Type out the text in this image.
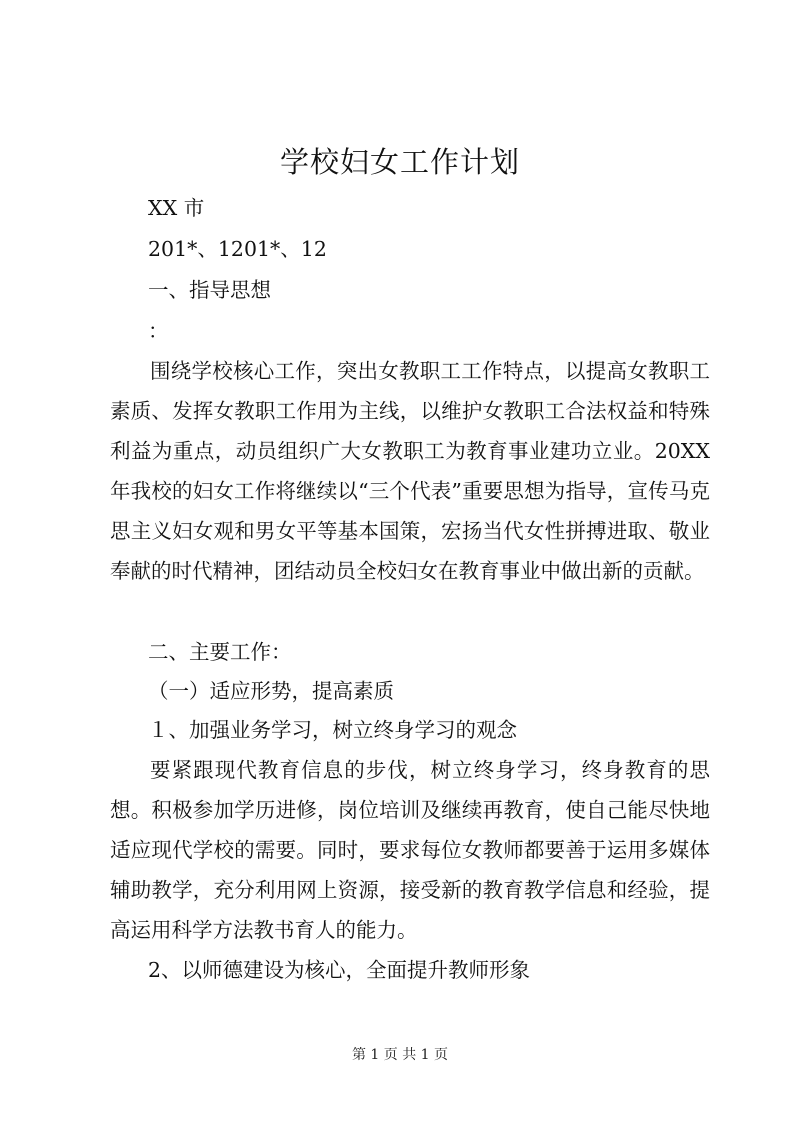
学校妇女工作计划

XX 市

201*、1201*、12

一、指导思想

：

围绕学校核心工作，突出女教职工工作特点，以提高女教职工素质、发挥女教职工作用为主线，以维护女教职工合法权益和特殊利益为重点，动员组织广大女教职工为教育事业建功立业。20XX 年我校的妇女工作将继续以“三个代表”重要思想为指导，宣传马克思主义妇女观和男女平等基本国策，宏扬当代女性拼搏进取、敬业奉献的时代精神，团结动员全校妇女在教育事业中做出新的贡献。

二、主要工作：

（一）适应形势，提高素质

１、加强业务学习，树立终身学习的观念

要紧跟现代教育信息的步伐，树立终身学习，终身教育的思想。积极参加学历进修，岗位培训及继续再教育，使自己能尽快地适应现代学校的需要。同时，要求每位女教师都要善于运用多媒体辅助教学，充分利用网上资源，接受新的教育教学信息和经验，提高运用科学方法教书育人的能力。

2、以师德建设为核心，全面提升教师形象

第 1 页 共 1 页
